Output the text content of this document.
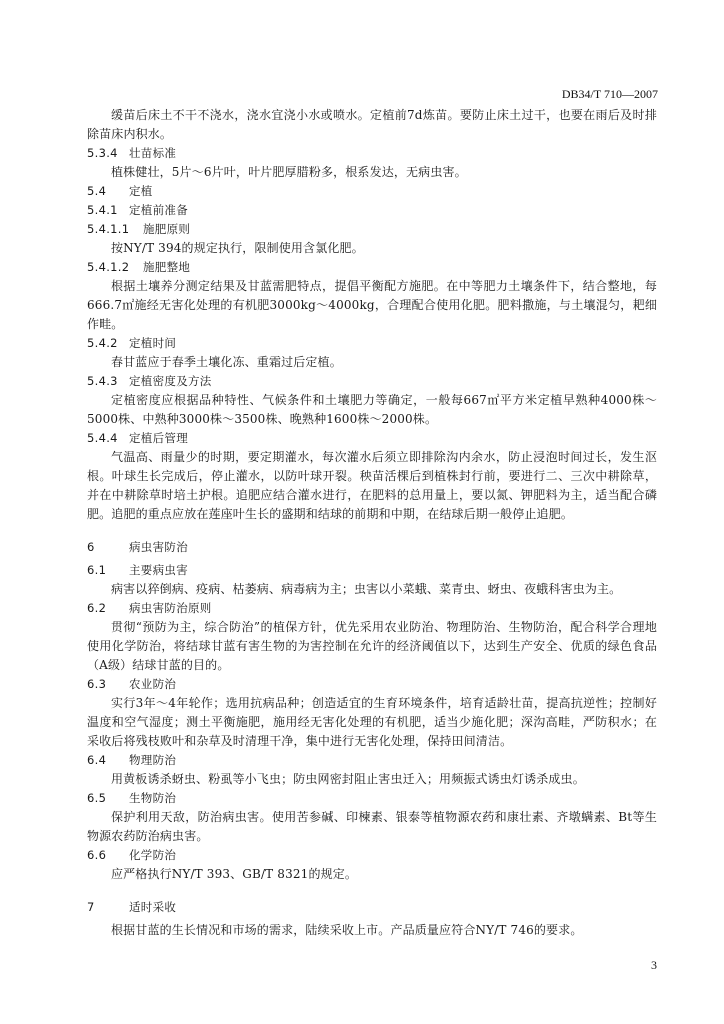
DB34/T 710—2007

缓苗后床土不干不浇水，浇水宜浇小水或喷水。定植前7d炼苗。要防止床土过干，也要在雨后及时排除苗床内积水。

5.3.4 壮苗标准

植株健壮，5片～6片叶，叶片肥厚腊粉多，根系发达，无病虫害。

5.4 定植
5.4.1 定植前准备
5.4.1.1 施肥原则

按NY/T 394的规定执行，限制使用含氯化肥。

5.4.1.2 施肥整地

根据土壤养分测定结果及甘蓝需肥特点，提倡平衡配方施肥。在中等肥力土壤条件下，结合整地，每666.7㎡施经无害化处理的有机肥3000kg～4000kg，合理配合使用化肥。肥料撒施，与土壤混匀，耙细作畦。

5.4.2 定植时间

春甘蓝应于春季土壤化冻、重霜过后定植。

5.4.3 定植密度及方法

定植密度应根据品种特性、气候条件和土壤肥力等确定，一般每667㎡平方米定植早熟种4000株～5000株、中熟种3000株～3500株、晚熟种1600株～2000株。

5.4.4 定植后管理

气温高、雨量少的时期，要定期灌水，每次灌水后须立即排除沟内余水，防止浸泡时间过长，发生沤根。叶球生长完成后，停止灌水，以防叶球开裂。秧苗活棵后到植株封行前，要进行二、三次中耕除草，并在中耕除草时培土护根。追肥应结合灌水进行，在肥料的总用量上，要以氮、钾肥料为主，适当配合磷肥。追肥的重点应放在莲座叶生长的盛期和结球的前期和中期，在结球后期一般停止追肥。

6	病虫害防治
6.1 主要病虫害

病害以猝倒病、疫病、枯萎病、病毒病为主；虫害以小菜蛾、菜青虫、蚜虫、夜蛾科害虫为主。

6.2 病虫害防治原则

贯彻“预防为主，综合防治”的植保方针，优先采用农业防治、物理防治、生物防治，配合科学合理地使用化学防治，将结球甘蓝有害生物的为害控制在允许的经济阈值以下，达到生产安全、优质的绿色食品（A级）结球甘蓝的目的。

6.3 农业防治

实行3年～4年轮作；选用抗病品种；创造适宜的生育环境条件，培育适龄壮苗，提高抗逆性；控制好温度和空气湿度；测土平衡施肥，施用经无害化处理的有机肥，适当少施化肥；深沟高畦，严防积水；在采收后将残枝败叶和杂草及时清理干净，集中进行无害化处理，保持田间清洁。

6.4 物理防治

用黄板诱杀蚜虫、粉虱等小飞虫；防虫网密封阻止害虫迁入；用频振式诱虫灯诱杀成虫。

6.5 生物防治

保护利用天敌，防治病虫害。使用苦参碱、印楝素、银泰等植物源农药和康壮素、齐墩螨素、Bt等生物源农药防治病虫害。

6.6 化学防治

应严格执行NY/T 393、GB/T 8321的规定。

7	适时采收

根据甘蓝的生长情况和市场的需求，陆续采收上市。产品质量应符合NY/T 746的要求。

3
